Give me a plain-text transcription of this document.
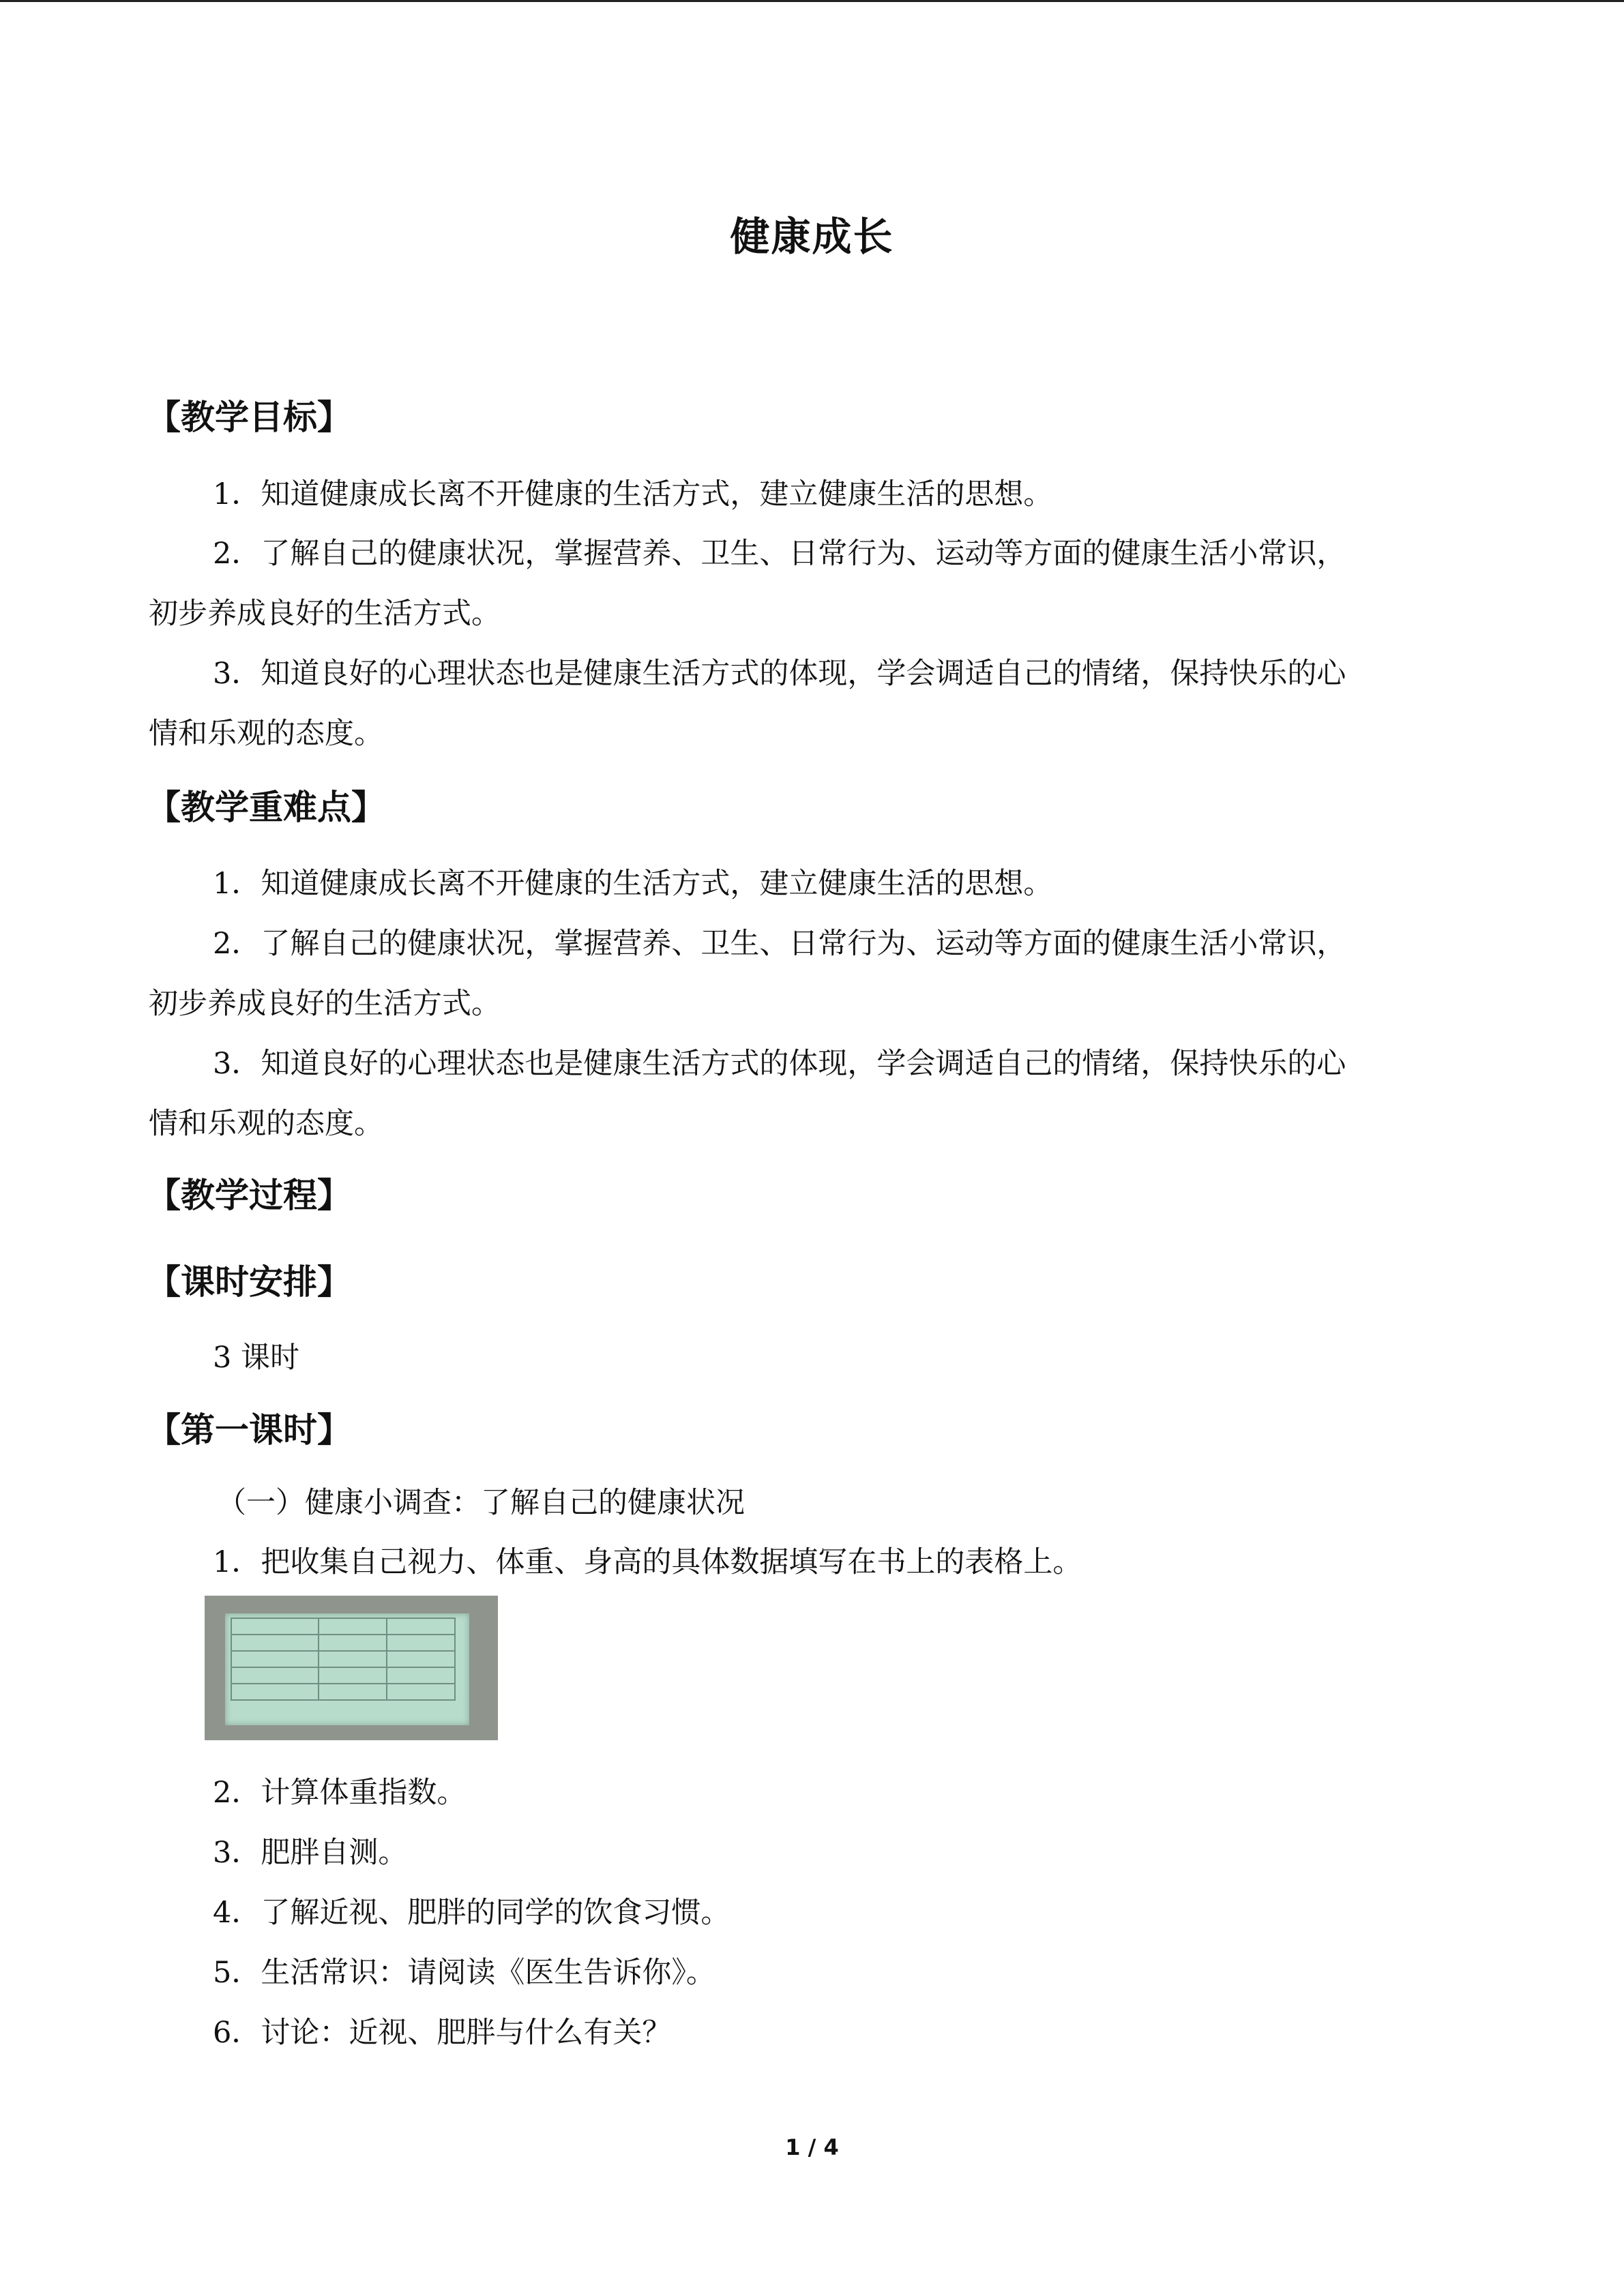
健康成长
【教学目标】
1．知道健康成长离不开健康的生活方式，建立健康生活的思想。
2．了解自己的健康状况，掌握营养、卫生、日常行为、运动等方面的健康生活小常识，
初步养成良好的生活方式。
3．知道良好的心理状态也是健康生活方式的体现，学会调适自己的情绪，保持快乐的心
情和乐观的态度。
【教学重难点】
1．知道健康成长离不开健康的生活方式，建立健康生活的思想。
2．了解自己的健康状况，掌握营养、卫生、日常行为、运动等方面的健康生活小常识，
初步养成良好的生活方式。
3．知道良好的心理状态也是健康生活方式的体现，学会调适自己的情绪，保持快乐的心
情和乐观的态度。
【教学过程】
【课时安排】
3 课时
【第一课时】
（一）健康小调查：了解自己的健康状况
1．把收集自己视力、体重、身高的具体数据填写在书上的表格上。

2．计算体重指数。
3．肥胖自测。
4．了解近视、肥胖的同学的饮食习惯。
5．生活常识：请阅读《医生告诉你》。
6．讨论：近视、肥胖与什么有关？
1 / 4
